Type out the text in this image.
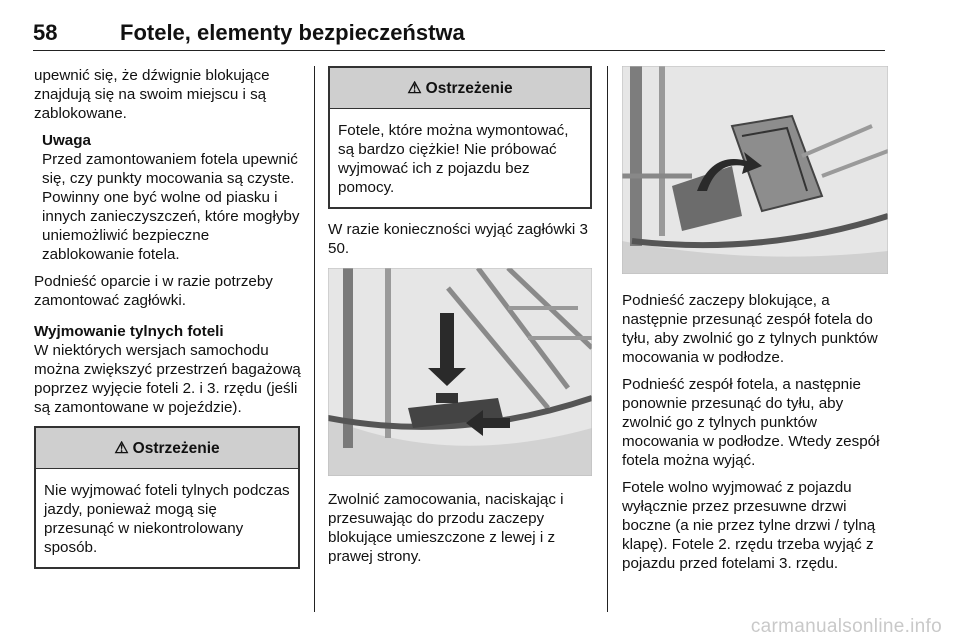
58	Fotele, elementy bezpieczeństwa

upewnić się, że dźwignie blokujące znajdują się na swoim miejscu i są zablokowane.

Uwaga
Przed zamontowaniem fotela upewnić się, czy punkty mocowania są czyste. Powinny one być wolne od piasku i innych zanieczyszczeń, które mogłyby uniemożliwić bezpieczne zablokowanie fotela.

Podnieść oparcie i w razie potrzeby zamontować zagłówki.

Wyjmowanie tylnych foteli

W niektórych wersjach samochodu można zwiększyć przestrzeń bagażową poprzez wyjęcie foteli 2. i 3. rzędu (jeśli są zamontowane w pojeździe).

⚠ Ostrzeżenie
Nie wyjmować foteli tylnych podczas jazdy, ponieważ mogą się przesunąć w niekontrolowany sposób.
⚠ Ostrzeżenie
Fotele, które można wymontować, są bardzo ciężkie! Nie próbować wyjmować ich z pojazdu bez pomocy.

W razie konieczności wyjąć zagłówki 3 50.

Zwolnić zamocowania, naciskając i przesuwając do przodu zaczepy blokujące umieszczone z lewej i z prawej strony.

Podnieść zaczepy blokujące, a następnie przesunąć zespół fotela do tyłu, aby zwolnić go z tylnych punktów mocowania w podłodze.

Podnieść zespół fotela, a następnie ponownie przesunąć do tyłu, aby zwolnić go z tylnych punktów mocowania w podłodze. Wtedy zespół fotela można wyjąć.

Fotele wolno wyjmować z pojazdu wyłącznie przez przesuwne drzwi boczne (a nie przez tylne drzwi / tylną klapę). Fotele 2. rzędu trzeba wyjąć z pojazdu przed fotelami 3. rzędu.

carmanualsonline.info
